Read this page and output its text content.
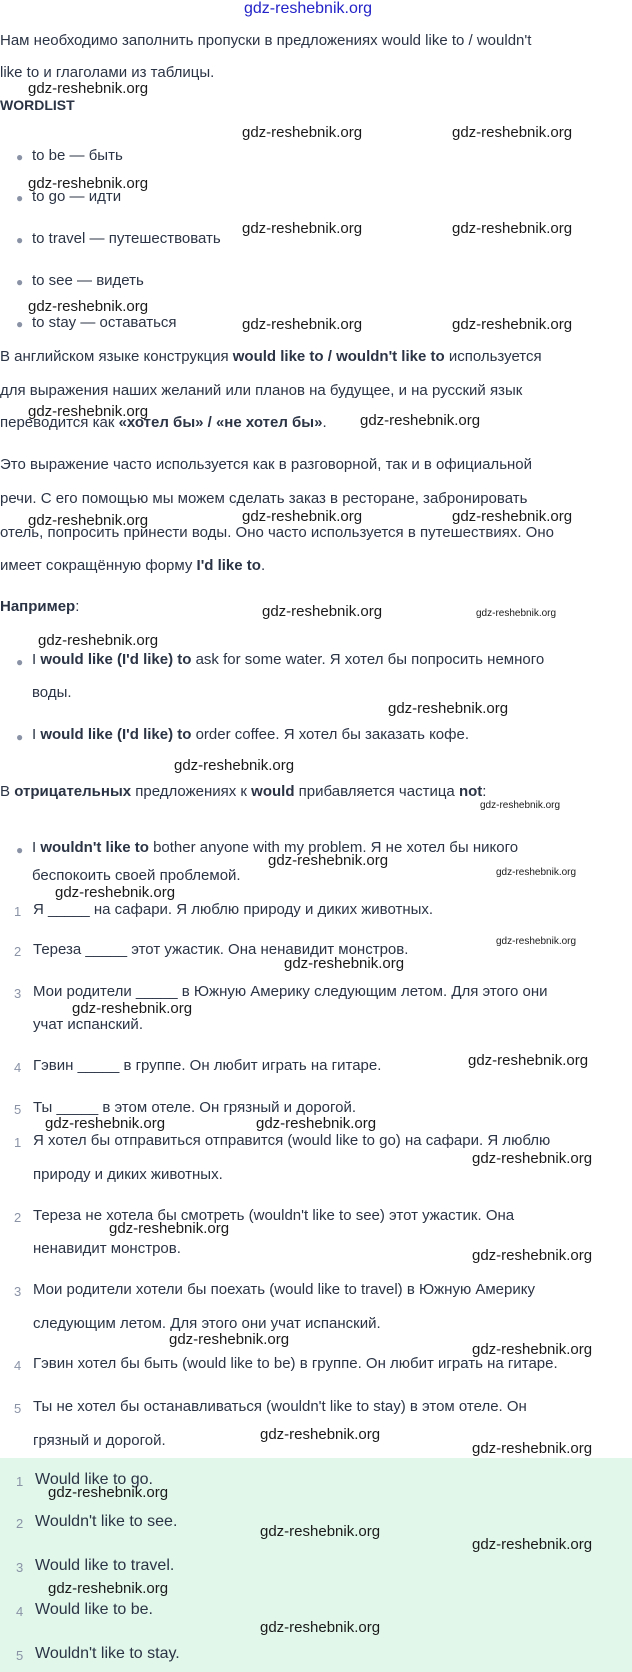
gdz-reshebnik.org
Нам необходимо заполнить пропуски в предложениях would like to / wouldn't
like to и глаголами из таблицы.
WORDLIST
● to be — быть
● to go — идти
● to travel — путешествовать
● to see — видеть
● to stay — оставаться
В английском языке конструкция would like to / wouldn't like to используется
для выражения наших желаний или планов на будущее, и на русский язык
переводится как «хотел бы» / «не хотел бы».
Это выражение часто используется как в разговорной, так и в официальной
речи. С его помощью мы можем сделать заказ в ресторане, забронировать
отель, попросить принести воды. Оно часто используется в путешествиях. Оно
имеет сокращённую форму I'd like to.
Например:
● I would like (I'd like) to ask for some water. Я хотел бы попросить немного
воды.
● I would like (I'd like) to order coffee. Я хотел бы заказать кофе.
В отрицательных предложениях к would прибавляется частица not:
● I wouldn't like to bother anyone with my problem. Я не хотел бы никого
беспокоить своей проблемой.
1 Я _____ на сафари. Я люблю природу и диких животных.
2 Тереза _____ этот ужастик. Она ненавидит монстров.
3 Мои родители _____ в Южную Америку следующим летом. Для этого они
учат испанский.
4 Гэвин _____ в группе. Он любит играть на гитаре.
5 Ты _____ в этом отеле. Он грязный и дорогой.
1 Я хотел бы отправиться отправится (would like to go) на сафари. Я люблю
природу и диких животных.
2 Тереза не хотела бы смотреть (wouldn't like to see) этот ужастик. Она
ненавидит монстров.
3 Мои родители хотели бы поехать (would like to travel) в Южную Америку
следующим летом. Для этого они учат испанский.
4 Гэвин хотел бы быть (would like to be) в группе. Он любит играть на гитаре.
5 Ты не хотел бы останавливаться (wouldn't like to stay) в этом отеле. Он
грязный и дорогой.
1 Would like to go.
2 Wouldn't like to see.
3 Would like to travel.
4 Would like to be.
5 Wouldn't like to stay.
gdz-reshebnik.org
gdz-reshebnik.org	gdz-reshebnik.org
gdz-reshebnik.org
gdz-reshebnik.org	gdz-reshebnik.org
gdz-reshebnik.org
gdz-reshebnik.org	gdz-reshebnik.org
gdz-reshebnik.org
gdz-reshebnik.org
gdz-reshebnik.org	gdz-reshebnik.org	gdz-reshebnik.org
gdz-reshebnik.org	gdz-reshebnik.org
gdz-reshebnik.org
gdz-reshebnik.org
gdz-reshebnik.org
gdz-reshebnik.org
gdz-reshebnik.org
gdz-reshebnik.org
gdz-reshebnik.org
gdz-reshebnik.org
gdz-reshebnik.org
gdz-reshebnik.org
gdz-reshebnik.org
gdz-reshebnik.org	gdz-reshebnik.org
gdz-reshebnik.org
gdz-reshebnik.org
gdz-reshebnik.org
gdz-reshebnik.org
gdz-reshebnik.org
gdz-reshebnik.org
gdz-reshebnik.org
gdz-reshebnik.org
gdz-reshebnik.org
gdz-reshebnik.org
gdz-reshebnik.org
gdz-reshebnik.org
